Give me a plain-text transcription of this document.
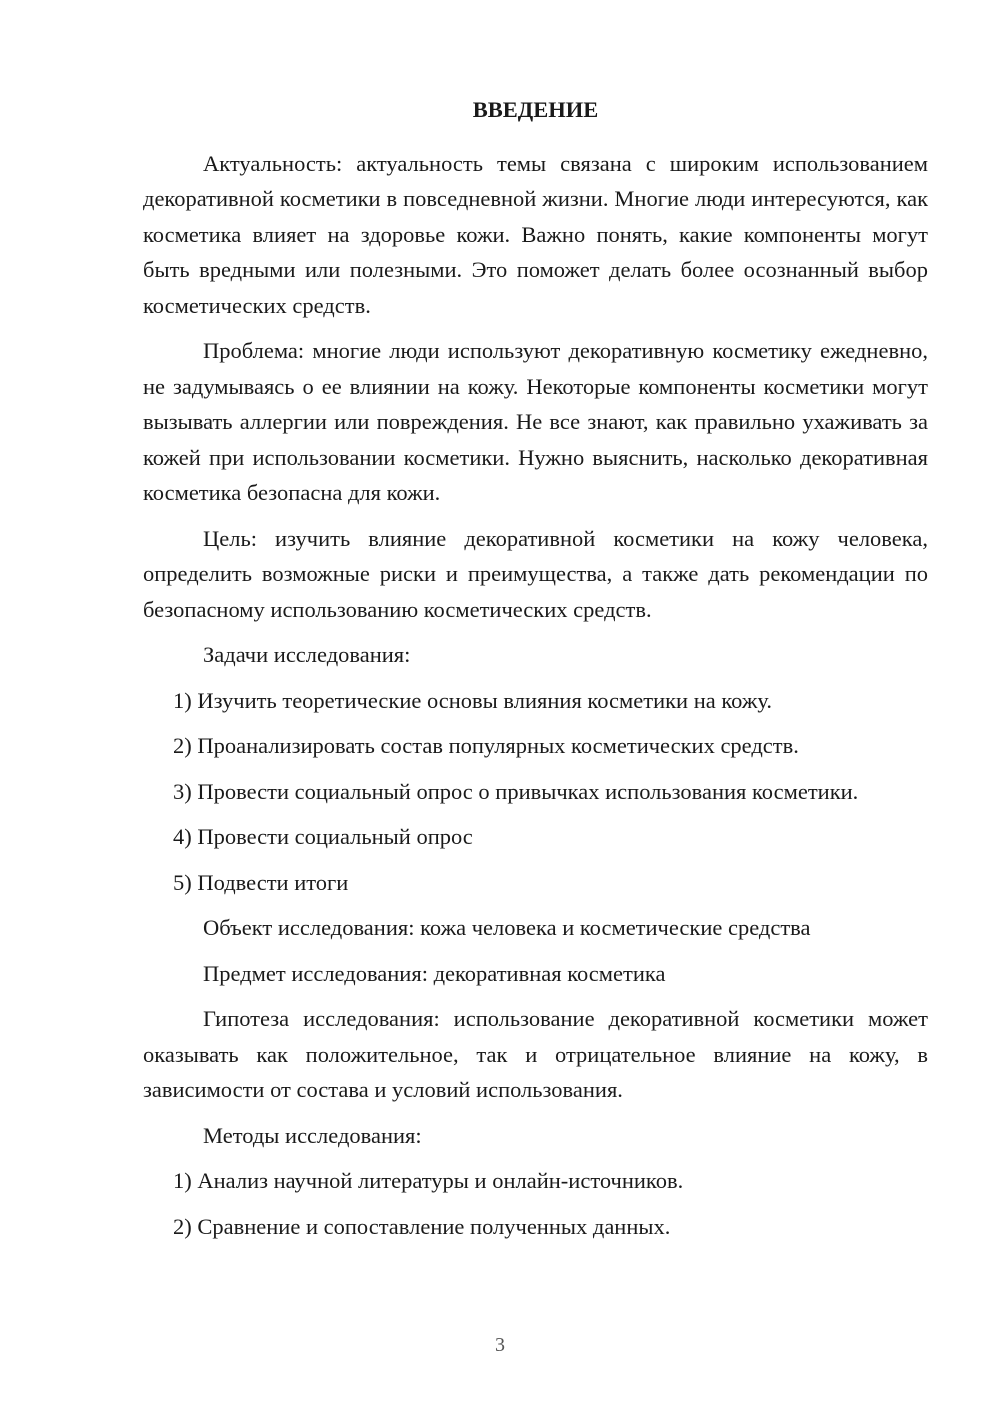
ВВЕДЕНИЕ

Актуальность: актуальность темы связана с широким использованием декоративной косметики в повседневной жизни. Многие люди интересуются, как косметика влияет на здоровье кожи. Важно понять, какие компоненты могут быть вредными или полезными. Это поможет делать более осознанный выбор косметических средств.

Проблема: многие люди используют декоративную косметику ежедневно, не задумываясь о ее влиянии на кожу. Некоторые компоненты косметики могут вызывать аллергии или повреждения. Не все знают, как правильно ухаживать за кожей при использовании косметики. Нужно выяснить, насколько декоративная косметика безопасна для кожи.

Цель: изучить влияние декоративной косметики на кожу человека, определить возможные риски и преимущества, а также дать рекомендации по безопасному использованию косметических средств.

Задачи исследования:

1) Изучить теоретические основы влияния косметики на кожу.

2) Проанализировать состав популярных косметических средств.

3) Провести социальный опрос о привычках использования косметики.

4) Провести социальный опрос

5) Подвести итоги

Объект исследования: кожа человека и косметические средства

Предмет исследования: декоративная косметика

Гипотеза исследования: использование декоративной косметики может оказывать как положительное, так и отрицательное влияние на кожу, в зависимости от состава и условий использования.

Методы исследования:

1) Анализ научной литературы и онлайн-источников.

2) Сравнение и сопоставление полученных данных.

3
